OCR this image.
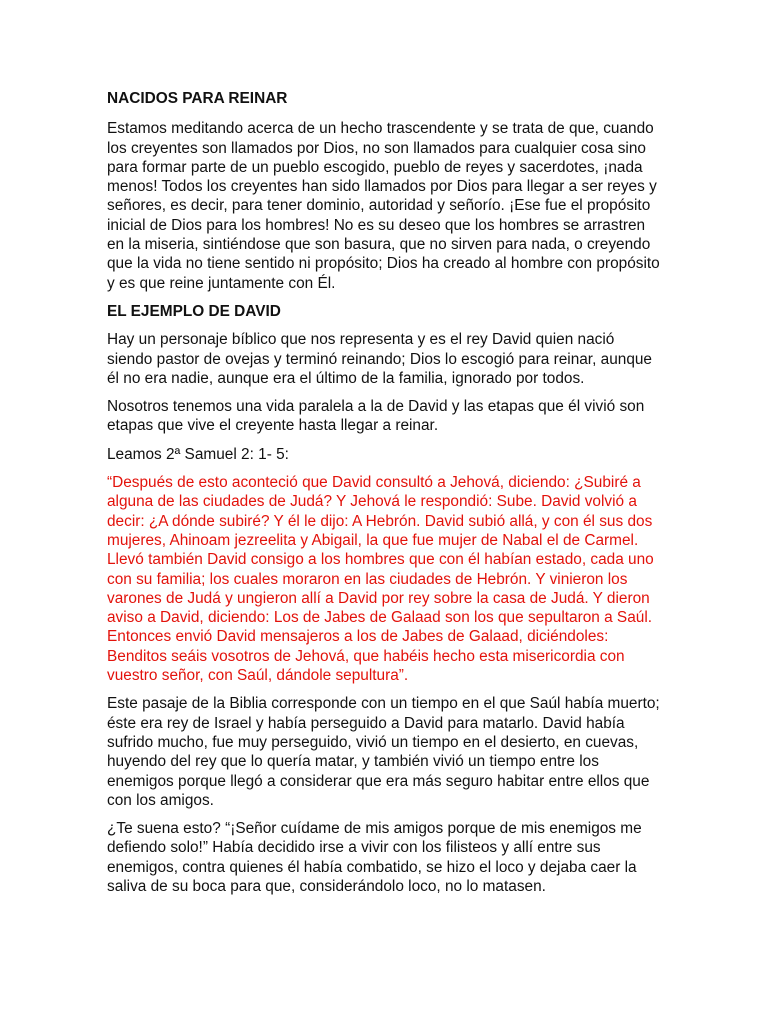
NACIDOS PARA REINAR

Estamos meditando acerca de un hecho trascendente y se trata de que, cuando los creyentes son llamados por Dios, no son llamados para cualquier cosa sino para formar parte de un pueblo escogido, pueblo de reyes y sacerdotes, ¡nada menos! Todos los creyentes han sido llamados por Dios para llegar a ser reyes y señores, es decir, para tener dominio, autoridad y señorío. ¡Ese fue el propósito inicial de Dios para los hombres! No es su deseo que los hombres se arrastren en la miseria, sintiéndose que son basura, que no sirven para nada, o creyendo que la vida no tiene sentido ni propósito; Dios ha creado al hombre con propósito y es que reine juntamente con Él.

EL EJEMPLO DE DAVID

Hay un personaje bíblico que nos representa y es el rey David quien nació siendo pastor de ovejas y terminó reinando; Dios lo escogió para reinar, aunque él no era nadie, aunque era el último de la familia, ignorado por todos.

Nosotros tenemos una vida paralela a la de David y las etapas que él vivió son etapas que vive el creyente hasta llegar a reinar.

Leamos 2ª Samuel 2: 1- 5:

“Después de esto aconteció que David consultó a Jehová, diciendo: ¿Subiré a alguna de las ciudades de Judá? Y Jehová le respondió: Sube. David volvió a decir: ¿A dónde subiré? Y él le dijo: A Hebrón. David subió allá, y con él sus dos mujeres, Ahinoam jezreelita y Abigail, la que fue mujer de Nabal el de Carmel. Llevó también David consigo a los hombres que con él habían estado, cada uno con su familia; los cuales moraron en las ciudades de Hebrón. Y vinieron los varones de Judá y ungieron allí a David por rey sobre la casa de Judá. Y dieron aviso a David, diciendo: Los de Jabes de Galaad son los que sepultaron a Saúl. Entonces envió David mensajeros a los de Jabes de Galaad, diciéndoles: Benditos seáis vosotros de Jehová, que habéis hecho esta misericordia con vuestro señor, con Saúl, dándole sepultura”.

Este pasaje de la Biblia corresponde con un tiempo en el que Saúl había muerto; éste era rey de Israel y había perseguido a David para matarlo. David había sufrido mucho, fue muy perseguido, vivió un tiempo en el desierto, en cuevas, huyendo del rey que lo quería matar, y también vivió un tiempo entre los enemigos porque llegó a considerar que era más seguro habitar entre ellos que con los amigos.

¿Te suena esto? “¡Señor cuídame de mis amigos porque de mis enemigos me defiendo solo!” Había decidido irse a vivir con los filisteos y allí entre sus enemigos, contra quienes él había combatido, se hizo el loco y dejaba caer la saliva de su boca para que, considerándolo loco, no lo matasen.
